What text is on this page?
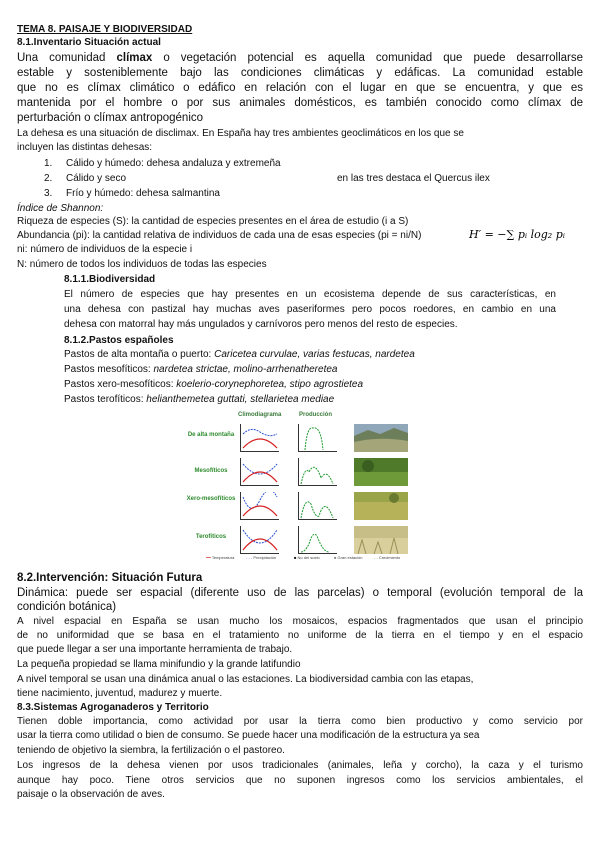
TEMA 8. PAISAJE Y BIODIVERSIDAD
8.1.Inventario Situación actual
Una comunidad clímax o vegetación potencial es aquella comunidad que puede desarrollarse
estable y sosteniblemente bajo las condiciones climáticas y edáficas. La comunidad estable
que no es clímax climático o edáfico en relación con el lugar en que se encuentra, y que es
mantenida por el hombre o por sus animales domésticos, es también conocido como clímax de
perturbación o clímax antropogénico
La dehesa es una situación de disclimax. En España hay tres ambientes geoclimáticos en los que se
incluyen las distintas dehesas:
1. Cálido y húmedo: dehesa andaluza y extremeña
2. Cálido y seco	en las tres destaca el Quercus ilex
3. Frío y húmedo: dehesa salmantina
Índice de Shannon:
Riqueza de especies (S): la cantidad de especies presentes en el área de estudio (i a S)
Abundancia (pi): la cantidad relativa de individuos de cada una de esas especies (pi = ni/N)
ni: número de individuos de la especie i
N: número de todos los individuos de todas las especies
H′ = −∑ pᵢ log₂ pᵢ
8.1.1.Biodiversidad
El número de especies que hay presentes en un ecosistema depende de sus características, en
una dehesa con pastizal hay muchas aves paseriformes pero pocos roedores, en cambio en una
dehesa con matorral hay más ungulados y carnívoros pero menos del resto de especies.
8.1.2.Pastos españoles
Pastos de alta montaña o puerto: Caricetea curvulae, varias festucas, nardetea
Pastos mesofíticos: nardetea strictae, molino-arrhenatheretea
Pastos xero-mesofíticos: koelerio-corynephoretea, stipo agrostietea
Pastos terofíticos: helianthemetea guttati, stellarietea mediae
Climodiagrama	Producción
De alta montaña
Mesofíticos
Xero-mesofíticos
Terofíticos
━━ Temperatura	- - - Precipitación	■ No del suelo	■ Gran estación	- - Crecimiento
8.2.Intervención: Situación Futura
Dinámica: puede ser espacial (diferente uso de las parcelas) o temporal (evolución temporal de la
condición botánica)
A nivel espacial en España se usan mucho los mosaicos, espacios fragmentados que usan el principio
de no uniformidad que se basa en el tratamiento no uniforme de la tierra en el tiempo y en el espacio
que puede llegar a ser una importante herramienta de trabajo.
La pequeña propiedad se llama minifundio y la grande latifundio
A nivel temporal se usan una dinámica anual o las estaciones. La biodiversidad cambia con las etapas,
tiene nacimiento, juventud, madurez y muerte.
8.3.Sistemas Agroganaderos y Territorio
Tienen doble importancia, como actividad por usar la tierra como bien productivo y como servicio por
usar la tierra como utilidad o bien de consumo. Se puede hacer una modificación de la estructura ya sea
teniendo de objetivo la siembra, la fertilización o el pastoreo.
Los ingresos de la dehesa vienen por usos tradicionales (animales, leña y corcho), la caza y el turismo
aunque hay poco. Tiene otros servicios que no suponen ingresos como los servicios ambientales, el
paisaje o la observación de aves.
